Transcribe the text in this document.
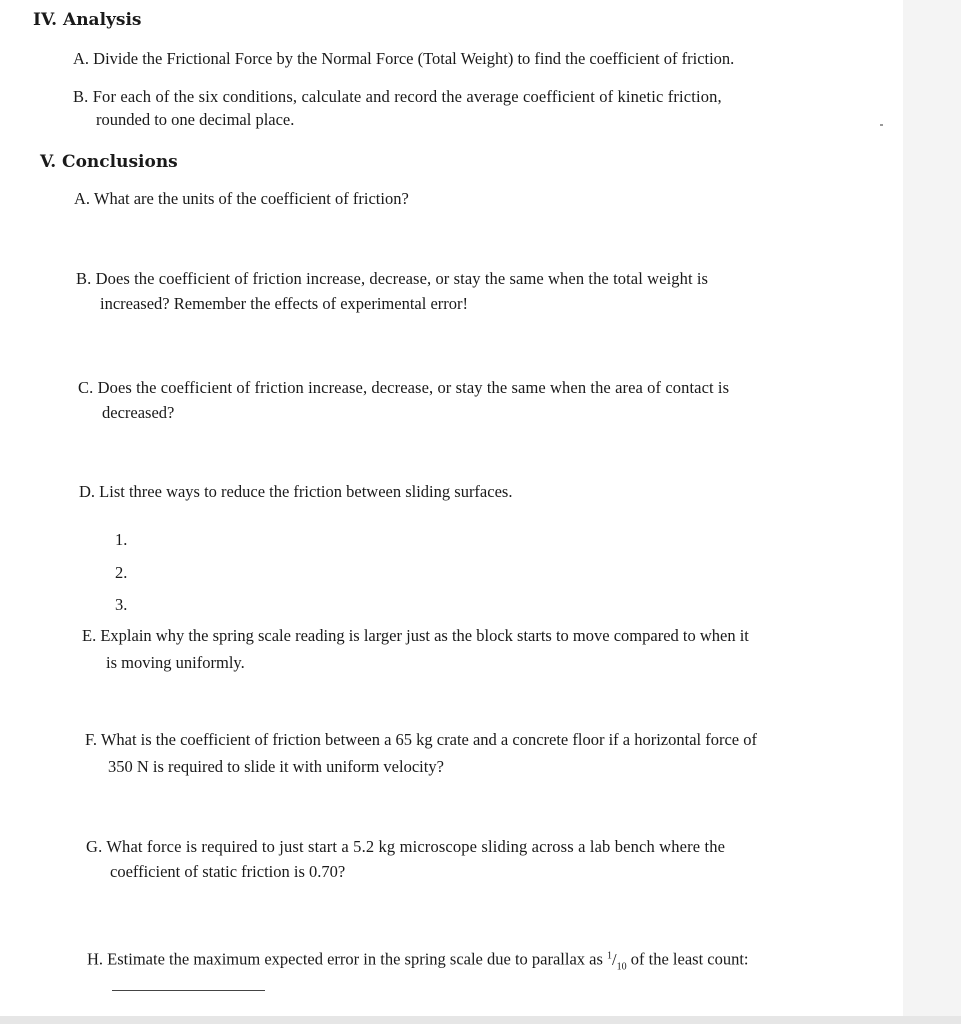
IV. Analysis
A. Divide the Frictional Force by the Normal Force (Total Weight) to find the coefficient of friction.
B. For each of the six conditions, calculate and record the average coefficient of kinetic friction,
rounded to one decimal place.
V. Conclusions
A. What are the units of the coefficient of friction?
B. Does the coefficient of friction increase, decrease, or stay the same when the total weight is
increased? Remember the effects of experimental error!
C. Does the coefficient of friction increase, decrease, or stay the same when the area of contact is
decreased?
D. List three ways to reduce the friction between sliding surfaces.
1.
2.
3.
E. Explain why the spring scale reading is larger just as the block starts to move compared to when it
is moving uniformly.
F. What is the coefficient of friction between a 65 kg crate and a concrete floor if a horizontal force of
350 N is required to slide it with uniform velocity?
G. What force is required to just start a 5.2 kg microscope sliding across a lab bench where the
coefficient of static friction is 0.70?
H. Estimate the maximum expected error in the spring scale due to parallax as $^1/_{10}$ of the least count:
